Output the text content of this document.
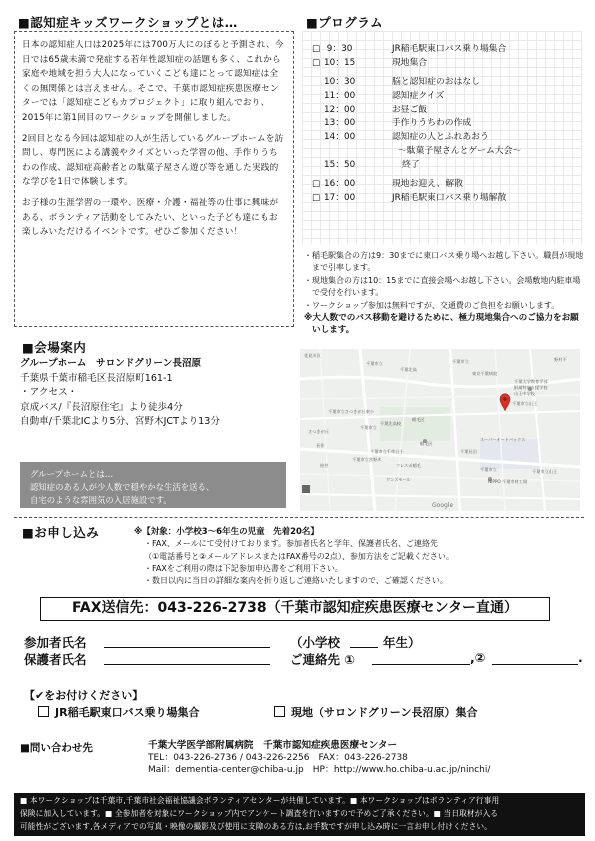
■認知症キッズワークショップとは…

日本の認知症人口は2025年には700万人にのぼると予測され、今日では65歳未満で発症する若年性認知症の話題も多く、これから家庭や地域を担う大人になっていくこども達にとって認知症は全くの無関係とは言えません。そこで、千葉市認知症疾患医療センターでは「認知症こどもカプロジェクト」に取り組んでおり、2015年に第1回目のワークショップを開催しました。

2回目となる今回は認知症の人が生活しているグループホームを訪問し、専門医による講義やクイズといった学習の他、手作りうちわの作成、認知症高齢者との駄菓子屋さん遊び等を通した実践的な学びを1日で体験します。

お子様の生涯学習の一環や、医療・介護・福祉等の仕事に興味がある、ボランティア活動をしてみたい、といった子ども達にもお楽しみいただけるイベントです。ぜひご参加ください！

■プログラム
□ 9：30	JR稲毛駅東口バス乗り場集合
□ 10：15	現地集合
10：30	脳と認知症のおはなし
11：00	認知症クイズ
12：00	お昼ご飯
13：00	手作りうちわの作成
14：00	認知症の人とふれあおう
～駄菓子屋さんとゲーム大会～
15：50	終了
□ 16：00	現地お迎え、解散
□ 17：00	JR稲毛駅東口バス乗り場解散
・稲毛駅集合の方は9：30までに東口バス乗り場へお越し下さい。職員が現地まで引率します。
・現地集合の方は10：15までに直接会場へお越し下さい。会場敷地内駐車場で受付を行います。
・ワークショップ参加は無料ですが、交通費のご負担をお願いします。
※大人数でのバス移動を避けるために、極力現地集合へのご協力をお願いします。
■会場案内
グループホーム　サロンドグリーン長沼原
千葉県千葉市稲毛区長沼原町161-1
・アクセス・
京成バス/『長沼原住宅』より徒歩4分
自動車/千葉北ICより5分、宮野木JCTより13分
グループホームとは…
認知症のある人が少人数で穏やかな生活を送る、
自宅のような雰囲気の入居施設です。
花見川区
千葉市立
千葉北高
千葉市立
東京千葉病院
野村不
千葉大学教育学部
附属特別支援学校
山王中学校
千葉市立山王
千葉市立さつきが丘東小
さつきが丘
千葉市立
稲毛区
千葉北高校
長作
千葉市立千草台小
千葉市立宮野木
ワンズモール
フレスポ稲毛
スーパーオートバックス
千葉長沼
千葉市立
NIPPO 千葉市材工場
千葉市立山王
稲毛区
柏井
Google
■お申し込み	※【対象：小学校3～6年生の児童　先着20名】
・FAX、メールにて受付けております。参加者氏名と学年、保護者氏名、ご連絡先
（①電話番号と②メールアドレスまたはFAX番号の2点）、参加方法をご記載ください。
・FAXをご利用の際は下記参加申込書をご利用下さい。
・数日以内に当日の詳細な案内を折り返しご連絡いたしますので、ご確認ください。
FAX送信先：043-226-2738（千葉市認知症疾患医療センター直通）
参加者氏名
保護者氏名
（小学校	年生）
ご連絡先 ①	,②	.
【✔をお付けください】
JR稲毛駅東口バス乗り場集合	現地（サロンドグリーン長沼原）集合
■問い合わせ先	千葉大学医学部附属病院　千葉市認知症疾患医療センター
TEL：043-226-2736 / 043-226-2256　FAX：043-226-2738
Mail：dementia-center@chiba-u.jp　HP：http://www.ho.chiba-u.ac.jp/ninchi/
■ 本ワークショップは千葉市,千葉市社会福祉協議会ボランティアセンターが共催しています。■ 本ワークショップはボランティア行事用
保険に加入しています。■ 全参加者を対象にワークショップ内でアンケート調査を行いますので予めご了承ください。■ 当日取材が入る
可能性がございます,各メディアでの写真・映像の撮影及び使用に支障のある方は,お手数ですが申し込み時に一言お申し付けください。
